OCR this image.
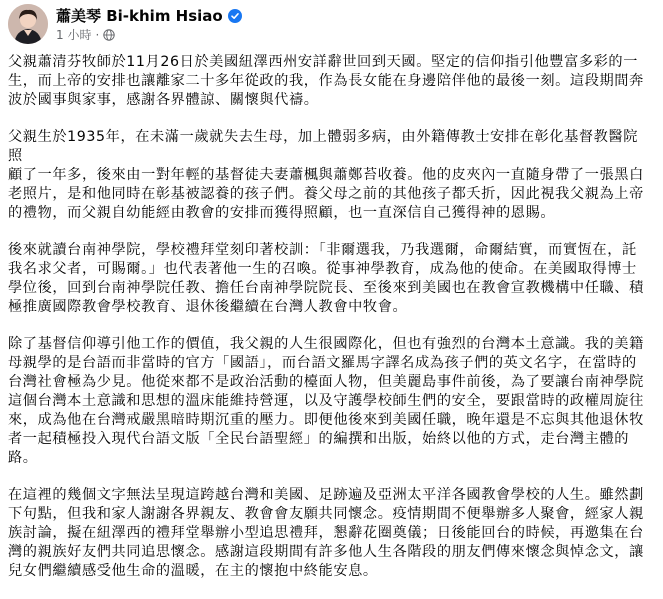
蕭美琴 Bi-khim Hsiao
1 小時 ·

父親蕭清芬牧師於11月26日於美國紐澤西州安詳辭世回到天國。堅定的信仰指引他豐富多彩的一
生，而上帝的安排也讓離家二十多年從政的我，作為長女能在身邊陪伴他的最後一刻。這段期間奔
波於國事與家事，感謝各界體諒、關懷與代禱。

父親生於1935年，在未滿一歲就失去生母，加上體弱多病，由外籍傳教士安排在彰化基督教醫院照
顧了一年多，後來由一對年輕的基督徒夫妻蕭楓與蕭鄭苔收養。他的皮夾內一直隨身帶了一張黑白
老照片，是和他同時在彰基被認養的孩子們。養父母之前的其他孩子都夭折，因此視我父親為上帝
的禮物，而父親自幼能經由教會的安排而獲得照顧，也一直深信自己獲得神的恩賜。

後來就讀台南神學院，學校禮拜堂刻印著校訓：「非爾選我，乃我選爾，命爾結實，而實恆在，託
我名求父者，可賜爾。」也代表著他一生的召喚。從事神學教育，成為他的使命。在美國取得博士
學位後，回到台南神學院任教、擔任台南神學院院長、至後來到美國也在教會宣教機構中任職、積
極推廣國際教會學校教育、退休後繼續在台灣人教會中牧會。

除了基督信仰導引他工作的價值，我父親的人生很國際化，但也有強烈的台灣本土意識。我的美籍
母親學的是台語而非當時的官方「國語」，而台語文羅馬字譯名成為孩子們的英文名字，在當時的
台灣社會極為少見。他從來都不是政治活動的檯面人物，但美麗島事件前後，為了要讓台南神學院
這個台灣本土意識和思想的溫床能維持營運，以及守護學校師生們的安全，要跟當時的政權周旋往
來，成為他在台灣戒嚴黑暗時期沉重的壓力。即便他後來到美國任職，晚年還是不忘與其他退休牧
者一起積極投入現代台語文版「全民台語聖經」的編撰和出版，始終以他的方式，走台灣主體的
路。

在這裡的幾個文字無法呈現這跨越台灣和美國、足跡遍及亞洲太平洋各國教會學校的人生。雖然劃
下句點，但我和家人謝謝各界親友、教會會友願共同懷念。疫情期間不便舉辦多人聚會，經家人親
族討論，擬在紐澤西的禮拜堂舉辦小型追思禮拜，懇辭花圈奠儀；日後能回台的時候，再邀集在台
灣的親族好友們共同追思懷念。感謝這段期間有許多他人生各階段的朋友們傳來懷念與悼念文，讓
兒女們繼續感受他生命的溫暖，在主的懷抱中終能安息。
